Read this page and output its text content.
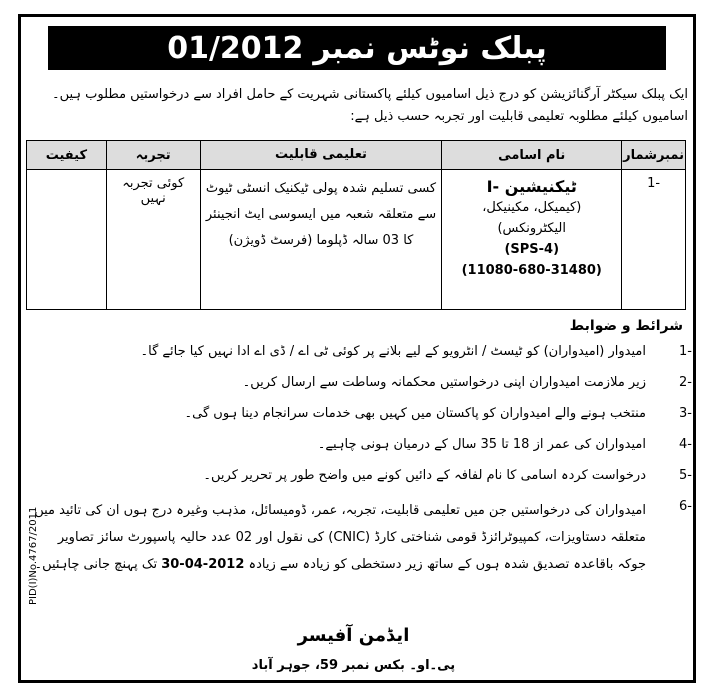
پبلک نوٹس نمبر
01/2012
ایک پبلک سیکٹر آرگنائزیشن کو درج ذیل اسامیوں کیلئے پاکستانی شہریت کے حامل افراد سے درخواستیں مطلوب ہیں۔ اسامیوں کیلئے مطلوبہ تعلیمی قابلیت اور تجربہ حسب ذیل ہے:
نمبرشمار	نام اسامی	تعلیمی قابلیت	تجربہ	کیفیت
1-	ٹیکنیشین -I
(کیمیکل، مکینیکل، الیکٹرونکس)
(SPS-4)
(11080-680-31480)	کسی تسلیم شدہ پولی ٹیکنیک انسٹی ٹیوٹ سے متعلقہ شعبہ میں ایسوسی ایٹ انجینئر کا 03 سالہ ڈپلوما (فرسٹ ڈویژن)	کوئی تجربہ نہیں	
شرائط و ضوابط
1-
امیدوار (امیدواران) کو ٹیسٹ / انٹرویو کے لیے بلانے پر کوئی ٹی اے / ڈی اے ادا نہیں کیا جائے گا۔
2-
زیر ملازمت امیدواران اپنی درخواستیں محکمانہ وساطت سے ارسال کریں۔
3-
منتخب ہونے والے امیدواران کو پاکستان میں کہیں بھی خدمات سرانجام دینا ہوں گی۔
4-
امیدواران کی عمر از 18 تا 35 سال کے درمیان ہونی چاہیے۔
5-
درخواست کردہ اسامی کا نام لفافہ کے دائیں کونے میں واضح طور پر تحریر کریں۔
6-
امیدواران کی درخواستیں جن میں تعلیمی قابلیت، تجربہ، عمر، ڈومیسائل، مذہب وغیرہ درج ہوں ان کی تائید میں متعلقہ دستاویزات، کمپیوٹرائزڈ قومی شناختی کارڈ (CNIC) کی نقول اور 02 عدد حالیہ پاسپورٹ سائز تصاویر جوکہ باقاعدہ تصدیق شدہ ہوں کے ساتھ زیر دستخطی کو زیادہ سے زیادہ 30-04-2012 تک پہنچ جانی چاہئیں۔
ایڈمن آفیسر
پی۔او۔ بکس نمبر 59، جوہر آباد
PID(I)No.4767/2011
